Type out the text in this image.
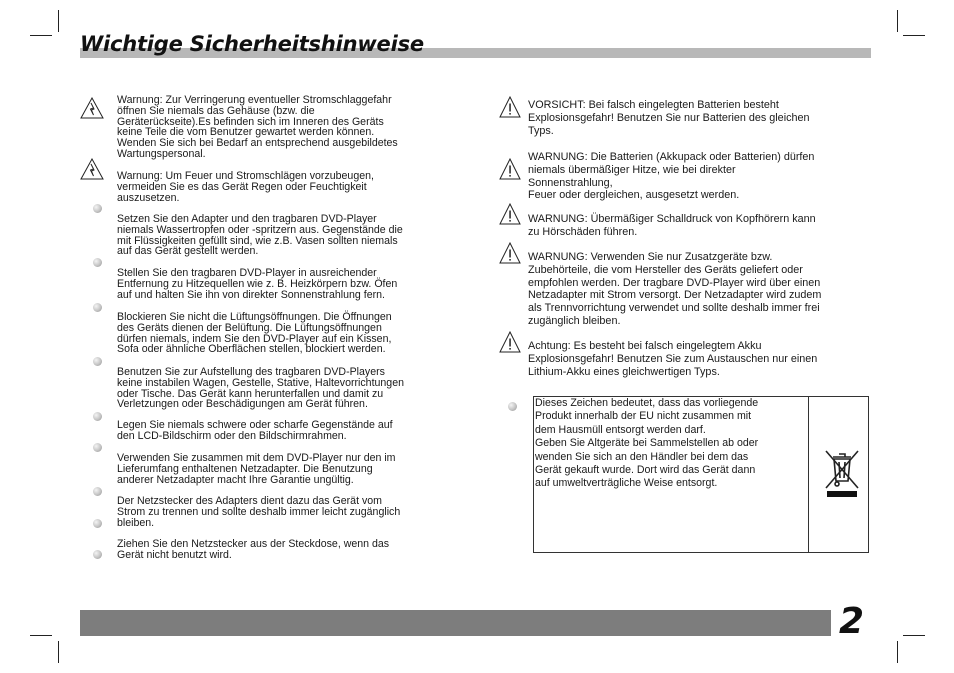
Wichtige Sicherheitshinweise
Warnung: Zur Verringerung eventueller Stromschlaggefahr
öffnen Sie niemals das Gehäuse (bzw. die
Geräterückseite).Es befinden sich im Inneren des Geräts
keine Teile die vom Benutzer gewartet werden können.
Wenden Sie sich bei Bedarf an entsprechend ausgebildetes
Wartungspersonal.
Warnung: Um Feuer und Stromschlägen vorzubeugen,
vermeiden Sie es das Gerät Regen oder Feuchtigkeit
auszusetzen.
Setzen Sie den Adapter und den tragbaren DVD-Player
niemals Wassertropfen oder -spritzern aus. Gegenstände die
mit Flüssigkeiten gefüllt sind, wie z.B. Vasen sollten niemals
auf das Gerät gestellt werden.
Stellen Sie den tragbaren DVD-Player in ausreichender
Entfernung zu Hitzequellen wie z. B. Heizkörpern bzw. Öfen
auf und halten Sie ihn von direkter Sonnenstrahlung fern.
Blockieren Sie nicht die Lüftungsöffnungen. Die Öffnungen
des Geräts dienen der Belüftung. Die Lüftungsöffnungen
dürfen niemals, indem Sie den DVD-Player auf ein Kissen,
Sofa oder ähnliche Oberflächen stellen, blockiert werden.
Benutzen Sie zur Aufstellung des tragbaren DVD-Players
keine instabilen Wagen, Gestelle, Stative, Haltevorrichtungen
oder Tische. Das Gerät kann herunterfallen und damit zu
Verletzungen oder Beschädigungen am Gerät führen.
Legen Sie niemals schwere oder scharfe Gegenstände auf
den LCD-Bildschirm oder den Bildschirmrahmen.
Verwenden Sie zusammen mit dem DVD-Player nur den im
Lieferumfang enthaltenen Netzadapter. Die Benutzung
anderer Netzadapter macht Ihre Garantie ungültig.
Der Netzstecker des Adapters dient dazu das Gerät vom
Strom zu trennen und sollte deshalb immer leicht zugänglich
bleiben.
Ziehen Sie den Netzstecker aus der Steckdose, wenn das
Gerät nicht benutzt wird.
VORSICHT: Bei falsch eingelegten Batterien besteht
Explosionsgefahr! Benutzen Sie nur Batterien des gleichen
Typs.
WARNUNG: Die Batterien (Akkupack oder Batterien) dürfen
niemals übermäßiger Hitze, wie bei direkter
Sonnenstrahlung,
Feuer oder dergleichen, ausgesetzt werden.
WARNUNG: Übermäßiger Schalldruck von Kopfhörern kann
zu Hörschäden führen.
WARNUNG: Verwenden Sie nur Zusatzgeräte bzw.
Zubehörteile, die vom Hersteller des Geräts geliefert oder
empfohlen werden. Der tragbare DVD-Player wird über einen
Netzadapter mit Strom versorgt. Der Netzadapter wird zudem
als Trennvorrichtung verwendet und sollte deshalb immer frei
zugänglich bleiben.
Achtung: Es besteht bei falsch eingelegtem Akku
Explosionsgefahr! Benutzen Sie zum Austauschen nur einen
Lithium-Akku eines gleichwertigen Typs.
Dieses Zeichen bedeutet, dass das vorliegende
Produkt innerhalb der EU nicht zusammen mit
dem Hausmüll entsorgt werden darf.
Geben Sie Altgeräte bei Sammelstellen ab oder
wenden Sie sich an den Händler bei dem das
Gerät gekauft wurde. Dort wird das Gerät dann
auf umweltverträgliche Weise entsorgt.
2
